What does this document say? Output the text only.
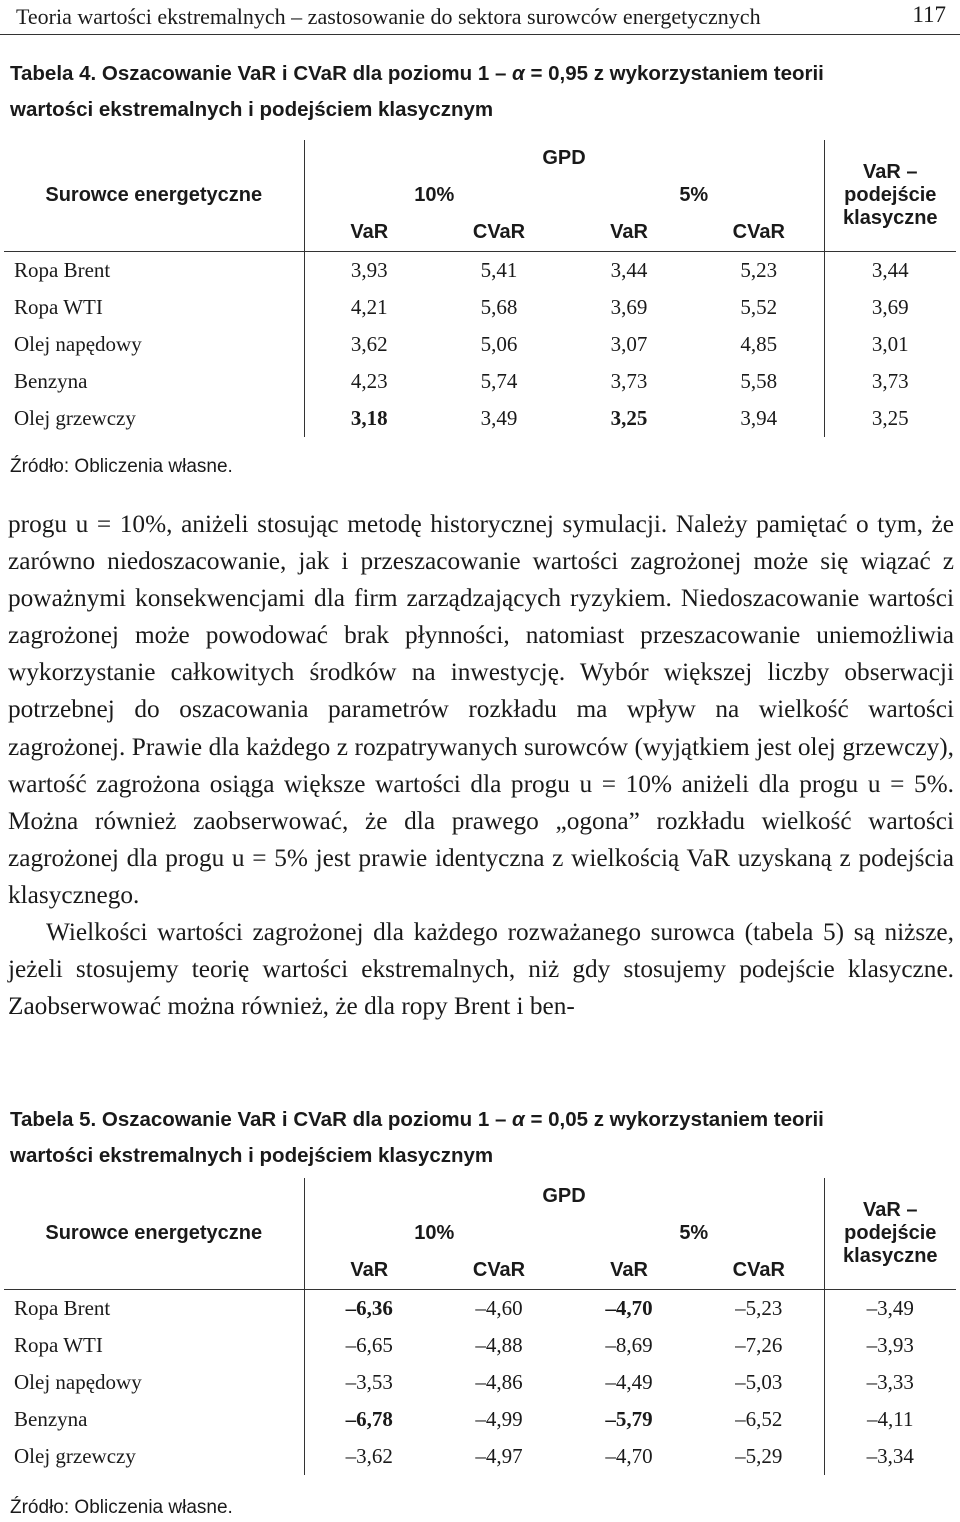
Teoria wartości ekstremalnych – zastosowanie do sektora surowców energetycznych	117
Tabela 4. Oszacowanie VaR i CVaR dla poziomu 1 – α = 0,95 z wykorzystaniem teorii
wartości ekstremalnych i podejściem klasycznym
Surowce energetyczne	GPD				VaR –
podejście
klasyczne

	10%		5%		
	VaR	CVaR	VaR	CVaR	
Ropa Brent	3,93	5,41	3,44	5,23	3,44
Ropa WTI	4,21	5,68	3,69	5,52	3,69
Olej napędowy	3,62	5,06	3,07	4,85	3,01
Benzyna	4,23	5,74	3,73	5,58	3,73
Olej grzewczy	3,18	3,49	3,25	3,94	3,25
Źródło: Obliczenia własne.

progu u = 10%, aniżeli stosując metodę historycznej symulacji. Należy pamiętać o tym, że zarówno niedoszacowanie, jak i przeszacowanie wartości zagrożonej może się wiązać z poważnymi konsekwencjami dla firm zarządzających ryzykiem. Niedoszacowanie wartości zagrożonej może powodować brak płynności, natomiast przeszacowanie uniemożliwia wykorzystanie całkowitych środków na inwestycję. Wybór większej liczby obserwacji potrzebnej do oszacowania parametrów rozkładu ma wpływ na wielkość wartości zagrożonej. Prawie dla każdego z rozpatrywanych surowców (wyjątkiem jest olej grzewczy), wartość zagrożona osiąga większe wartości dla progu u = 10% aniżeli dla progu u = 5%. Można również zaobserwować, że dla prawego „ogona” rozkładu wielkość wartości zagrożonej dla progu u = 5% jest prawie identyczna z wielkością VaR uzyskaną z podejścia klasycznego.

Wielkości wartości zagrożonej dla każdego rozważanego surowca (tabela 5) są niższe, jeżeli stosujemy teorię wartości ekstremalnych, niż gdy stosujemy podejście klasyczne. Zaobserwować można również, że dla ropy Brent i ben-

Tabela 5. Oszacowanie VaR i CVaR dla poziomu 1 – α = 0,05 z wykorzystaniem teorii
wartości ekstremalnych i podejściem klasycznym
Surowce energetyczne	GPD				VaR –
podejście
klasyczne

	10%		5%		
	VaR	CVaR	VaR	CVaR	
Ropa Brent	–6,36	–4,60	–4,70	–5,23	–3,49
Ropa WTI	–6,65	–4,88	–8,69	–7,26	–3,93
Olej napędowy	–3,53	–4,86	–4,49	–5,03	–3,33
Benzyna	–6,78	–4,99	–5,79	–6,52	–4,11
Olej grzewczy	–3,62	–4,97	–4,70	–5,29	–3,34
Źródło: Obliczenia własne.
